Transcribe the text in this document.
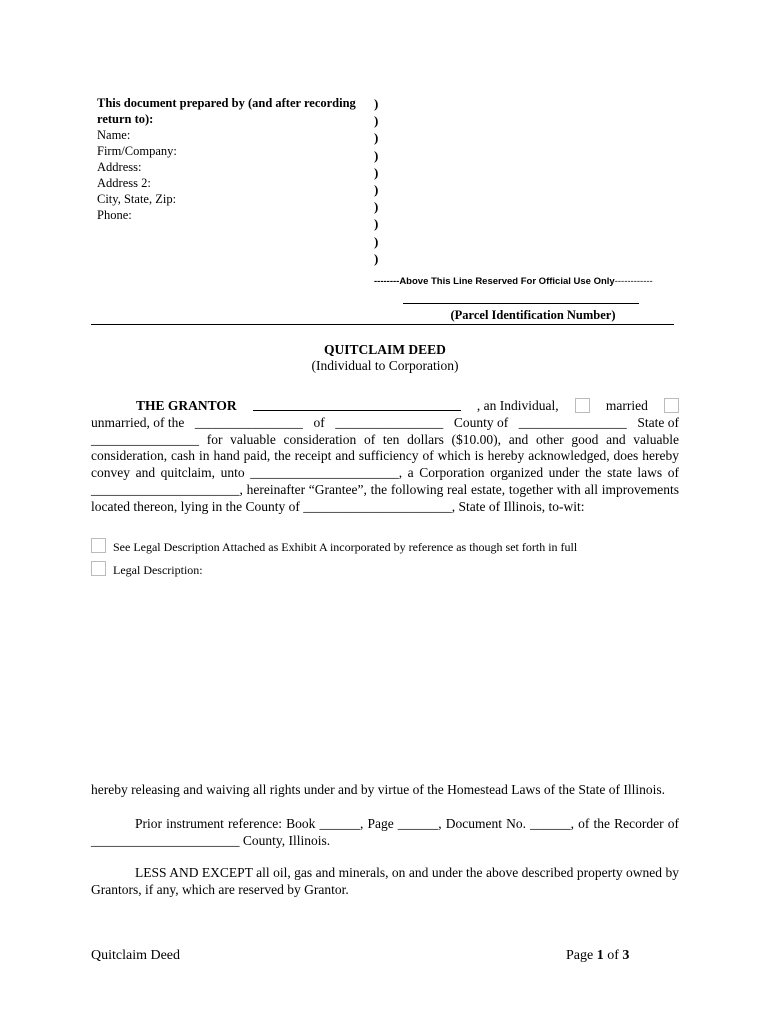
This document prepared by (and after recording return to):
Name:
Firm/Company:
Address:
Address 2:
City, State, Zip:
Phone:
)
)
)
)
)
)
)
)
)
)
--------Above This Line Reserved For Official Use Only------------
(Parcel Identification Number)
QUITCLAIM DEED
(Individual to Corporation)
THE GRANTOR	, an Individual,	married
unmarried, of the ________________ of ________________ County of ________________ State of
________________ for valuable consideration of ten dollars ($10.00), and other good and valuable consideration, cash in hand paid, the receipt and sufficiency of which is hereby acknowledged, does hereby convey and quitclaim, unto ______________________, a Corporation organized under the state laws of ______________________, hereinafter “Grantee”, the following real estate, together with all improvements located thereon, lying in the County of ______________________, State of Illinois, to-wit:
See Legal Description Attached as Exhibit A incorporated by reference as though set forth in full
Legal Description:
hereby releasing and waiving all rights under and by virtue of the Homestead Laws of the State of Illinois.
Prior instrument reference: Book ______, Page ______, Document No. ______, of the Recorder of ______________________ County, Illinois.
LESS AND EXCEPT all oil, gas and minerals, on and under the above described property owned by Grantors, if any, which are reserved by Grantor.
Quitclaim Deed	Page 1 of 3
